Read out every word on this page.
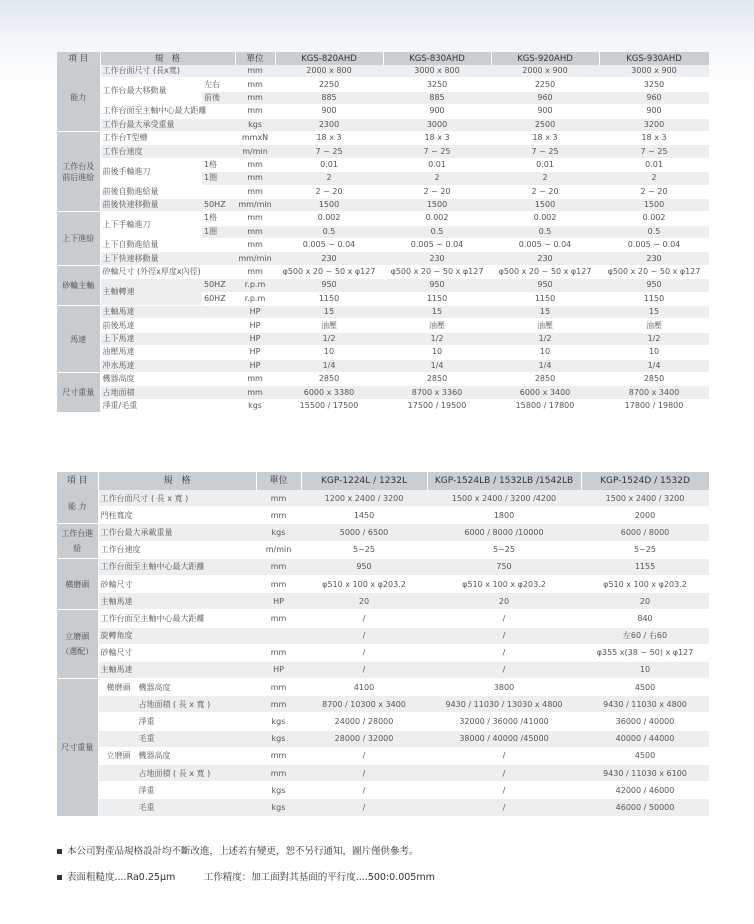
項 目	規　格		單位	KGS-820AHD	KGS-830AHD	KGS-920AHD	KGS-930AHD
能力	工作台面尺寸 (長x寬)		mm	2000 x 800	3000 x 800	2000 x 900	3000 x 900
	工作台最大移動量	左右	mm	2250	3250	2250	3250
		前後	mm	885	885	960	960
	工作台面至主軸中心最大距離		mm	900	900	900	900
	工作台最大承受重量		kgs	2300	3000	2500	3200
工作台及前后進給	工作台T型槽		mmxN	18 x 3	18 x 3	18 x 3	18 x 3
	工作台速度		m/min	7 ~ 25	7 ~ 25	7 ~ 25	7 ~ 25
	前後手輪進刀	1格	mm	0.01	0.01	0.01	0.01
		1圈	mm	2	2	2	2
	前後自動進給量		mm	2 ~ 20	2 ~ 20	2 ~ 20	2 ~ 20
	前後快速移動量	50HZ	mm/min	1500	1500	1500	1500
上下進給	上下手輪進刀	1格	mm	0.002	0.002	0.002	0.002
		1圈	mm	0.5	0.5	0.5	0.5
	上下自動進給量		mm	0.005 ~ 0.04	0.005 ~ 0.04	0.005 ~ 0.04	0.005 ~ 0.04
	上下快速移動量		mm/min	230	230	230	230
砂輪主軸	砂輪尺寸 (外徑x厚度x內徑)		mm	φ500 x 20 ~ 50 x φ127	φ500 x 20 ~ 50 x φ127	φ500 x 20 ~ 50 x φ127	φ500 x 20 ~ 50 x φ127
	主軸轉速	50HZ	r.p.m	950	950	950	950
		60HZ	r.p.m	1150	1150	1150	1150
馬達	主軸馬達		HP	15	15	15	15
	前後馬達		HP	油壓	油壓	油壓	油壓
	上下馬達		HP	1/2	1/2	1/2	1/2
	油壓馬達		HP	10	10	10	10
	冲水馬達		HP	1/4	1/4	1/4	1/4
尺寸重量	機器高度		mm	2850	2850	2850	2850
	占地面積		mm	6000 x 3380	8700 x 3360	6000 x 3400	8700 x 3400
	淨重/毛重		kgs	15500 / 17500	17500 / 19500	15800 / 17800	17800 / 19800
項 目	規　格	單位	KGP-1224L / 1232L	KGP-1524LB / 1532LB /1542LB	KGP-1524D / 1532D
能 力	工作台面尺寸 ( 長 x 寬 )	mm	1200 x 2400 / 3200	1500 x 2400 / 3200 /4200	1500 x 2400 / 3200
	門柱寬度	mm	1450	1800	2000
工作台進給	工作台最大承載重量	kgs	5000 / 6500	6000 / 8000 /10000	6000 / 8000
	工作台速度	m/min	5~25	5~25	5~25
橫磨頭	工作台面至主軸中心最大距離	mm	950	750	1155
	砂輪尺寸	mm	φ510 x 100 x φ203.2	φ510 x 100 x φ203.2	φ510 x 100 x φ203.2
	主軸馬達	HP	20	20	20
立磨頭（選配）	工作台面至主軸中心最大距離	mm	/	/	840
	旋轉角度		/	/	左60 / 右60
	砂輪尺寸	mm	/	/	φ355 x(38 ~ 50) x φ127
	主軸馬達	HP	/	/	10
尺寸重量	橫磨頭 機器高度	mm	4100	3800	4500

	占地面積 ( 長 x 寬 )	mm	8700 / 10300 x 3400	9430 / 11030 / 13030 x 4800	9430 / 11030 x 4800

	淨重	kgs	24000 / 28000	32000 / 36000 /41000	36000 / 40000

	毛重	kgs	28000 / 32000	38000 / 40000 /45000	40000 / 44000

	立磨頭 機器高度	mm	/	/	4500

	占地面積 ( 長 x 寬 )	mm	/	/	9430 / 11030 x 6100

	淨重	kgs	/	/	42000 / 46000

	毛重	kgs	/	/	46000 / 50000
本公司對產品規格設計均不斷改進，上述若有變更，恕不另行通知，圖片僅供參考。
表面粗糙度....Ra0.25μm　　　工作精度：加工面對其基面的平行度....500:0.005mm
